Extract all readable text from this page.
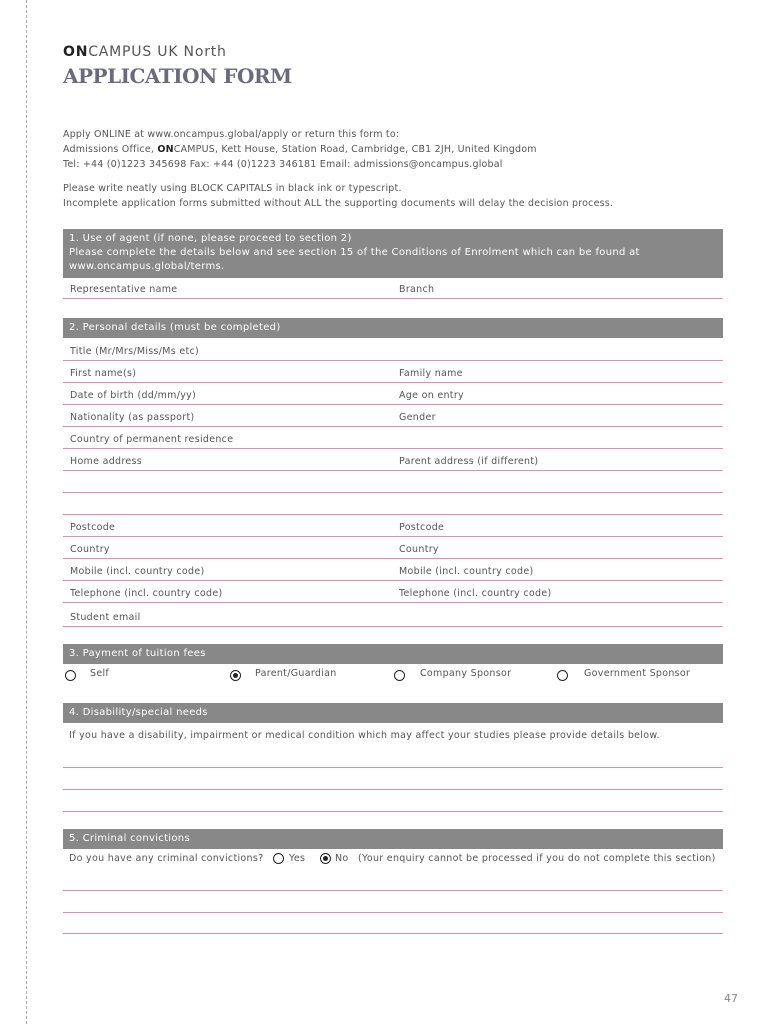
ONCAMPUS UK North
APPLICATION FORM
Apply ONLINE at www.oncampus.global/apply or return this form to:
Admissions Office, ONCAMPUS, Kett House, Station Road, Cambridge, CB1 2JH, United Kingdom
Tel: +44 (0)1223 345698 Fax: +44 (0)1223 346181 Email: admissions@oncampus.global
Please write neatly using BLOCK CAPITALS in black ink or typescript.
Incomplete application forms submitted without ALL the supporting documents will delay the decision process.
1. Use of agent (if none, please proceed to section 2)
Please complete the details below and see section 15 of the Conditions of Enrolment which can be found at
www.oncampus.global/terms.
Representative name	Branch
2. Personal details (must be completed)
Title (Mr/Mrs/Miss/Ms etc)
First name(s)	Family name
Date of birth (dd/mm/yy)	Age on entry
Nationality (as passport)	Gender
Country of permanent residence
Home address	Parent address (if different)
Postcode	Postcode
Country	Country
Mobile (incl. country code)	Mobile (incl. country code)
Telephone (incl. country code)	Telephone (incl. country code)
Student email
3. Payment of tuition fees
Self	Parent/Guardian	Company Sponsor	Government Sponsor
4. Disability/special needs
If you have a disability, impairment or medical condition which may affect your studies please provide details below.
5. Criminal convictions
Do you have any criminal convictions?	Yes	No (Your enquiry cannot be processed if you do not complete this section)
47
